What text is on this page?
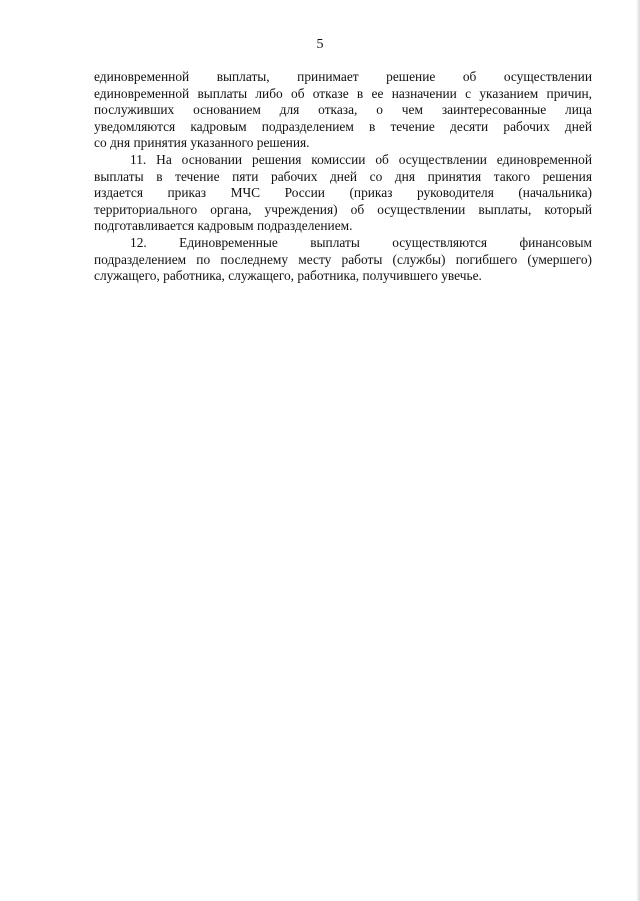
5
единовременной выплаты, принимает решение об осуществлении
единовременной выплаты либо об отказе в ее назначении с указанием причин,
послуживших основанием для отказа, о чем заинтересованные лица
уведомляются кадровым подразделением в течение десяти рабочих дней
со дня принятия указанного решения.
11. На основании решения комиссии об осуществлении единовременной
выплаты в течение пяти рабочих дней со дня принятия такого решения
издается приказ МЧС России (приказ руководителя (начальника)
территориального органа, учреждения) об осуществлении выплаты, который
подготавливается кадровым подразделением.
12. Единовременные выплаты осуществляются финансовым
подразделением по последнему месту работы (службы) погибшего (умершего)
служащего, работника, служащего, работника, получившего увечье.
